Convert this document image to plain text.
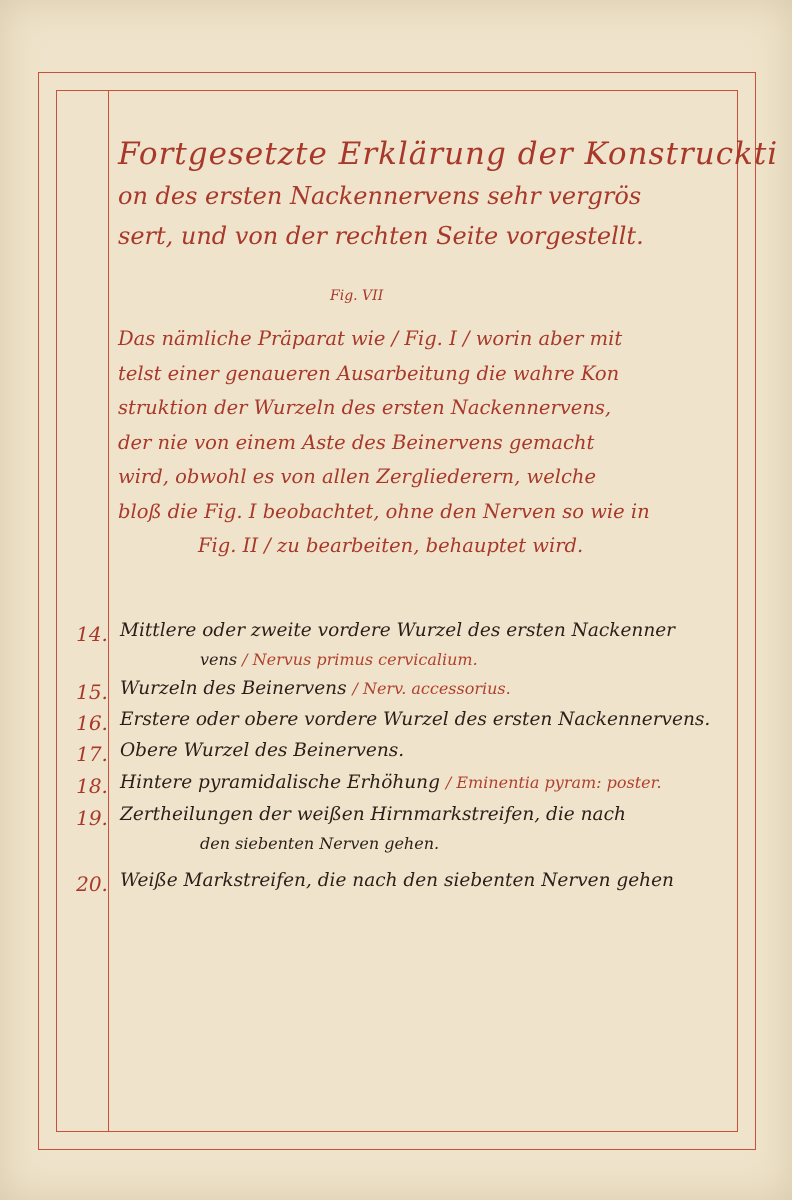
Fortgesetzte Erklärung der Konstruckti
on des ersten Nackennervens sehr vergrös
sert, und von der rechten Seite vorgestellt.
Fig. VII
Das nämliche Präparat wie / Fig. I / worin aber mit
telst einer genaueren Ausarbeitung die wahre Kon
struktion der Wurzeln des ersten Nackennervens,
der nie von einem Aste des Beinervens gemacht
wird, obwohl es von allen Zergliederern, welche
bloß die Fig. I beobachtet, ohne den Nerven so wie in
Fig. II / zu bearbeiten, behauptet wird.
14. Mittlere oder zweite vordere Wurzel des ersten Nackenner
vens / Nervus primus cervicalium.
15. Wurzeln des Beinervens / Nerv. accessorius.
16. Erstere oder obere vordere Wurzel des ersten Nackennervens.
17. Obere Wurzel des Beinervens.
18. Hintere pyramidalische Erhöhung / Eminentia pyram: poster.
19. Zertheilungen der weißen Hirnmarkstreifen, die nach
den siebenten Nerven gehen.
20. Weiße Markstreifen, die nach den siebenten Nerven gehen
